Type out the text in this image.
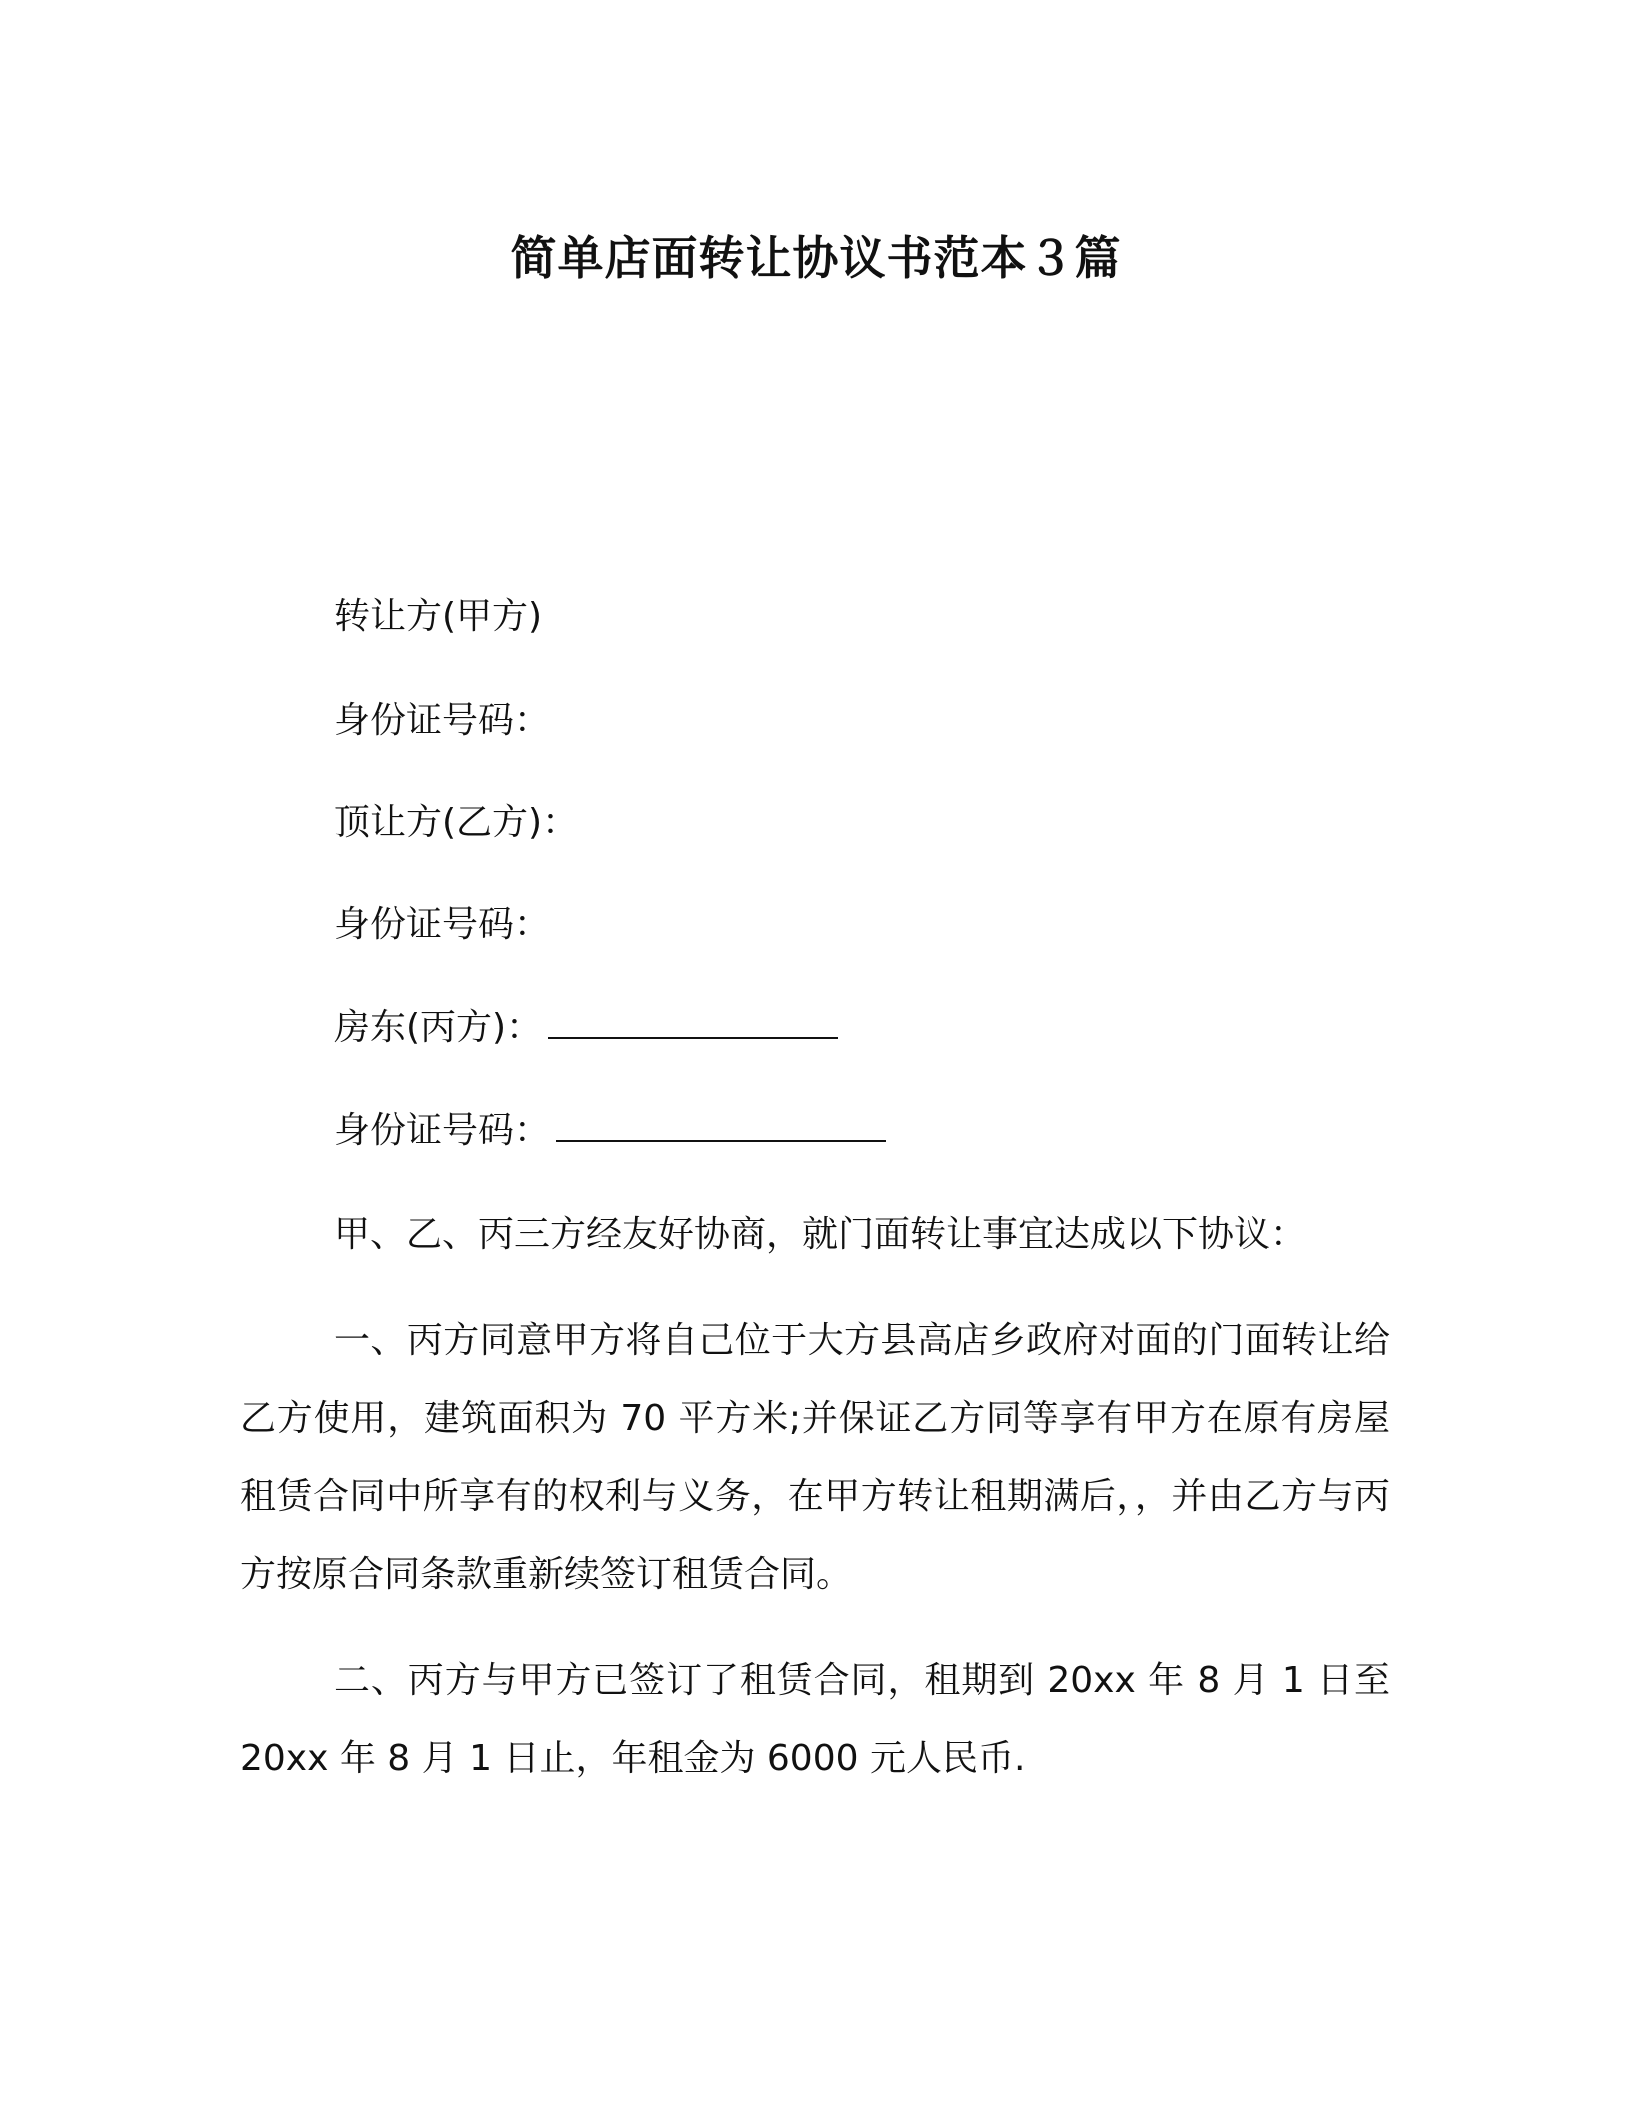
简单店面转让协议书范本３篇
转让方(甲方)
身份证号码：
顶让方(乙方)：
身份证号码：
房东(丙方)：
身份证号码：
甲、乙、丙三方经友好协商，就门面转让事宜达成以下协议：
一、丙方同意甲方将自己位于大方县高店乡政府对面的门面转让给乙方使用，建筑面积为 70 平方米;并保证乙方同等享有甲方在原有房屋租赁合同中所享有的权利与义务，在甲方转让租期满后，，并由乙方与丙方按原合同条款重新续签订租赁合同。
二、丙方与甲方已签订了租赁合同，租期到 20xx 年 8 月 1 日至 20xx 年 8 月 1 日止，年租金为 6000 元人民币.
